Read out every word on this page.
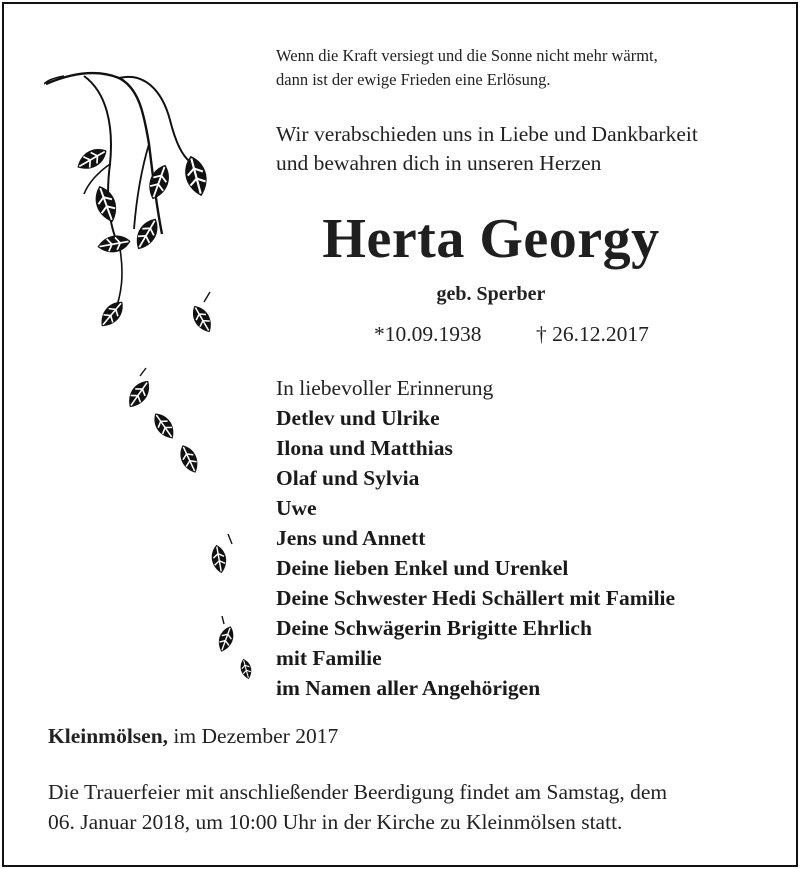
Wenn die Kraft versiegt und die Sonne nicht mehr wärmt,
dann ist der ewige Frieden eine Erlösung.
Wir verabschieden uns in Liebe und Dankbarkeit
und bewahren dich in unseren Herzen
Herta Georgy
geb. Sperber
*10.09.1938	† 26.12.2017
In liebevoller Erinnerung
Detlev und Ulrike
Ilona und Matthias
Olaf und Sylvia
Uwe
Jens und Annett
Deine lieben Enkel und Urenkel
Deine Schwester Hedi Schällert mit Familie
Deine Schwägerin Brigitte Ehrlich
mit Familie
im Namen aller Angehörigen
Kleinmölsen, im Dezember 2017
Die Trauerfeier mit anschließender Beerdigung findet am Samstag, dem
06. Januar 2018, um 10:00 Uhr in der Kirche zu Kleinmölsen statt.
